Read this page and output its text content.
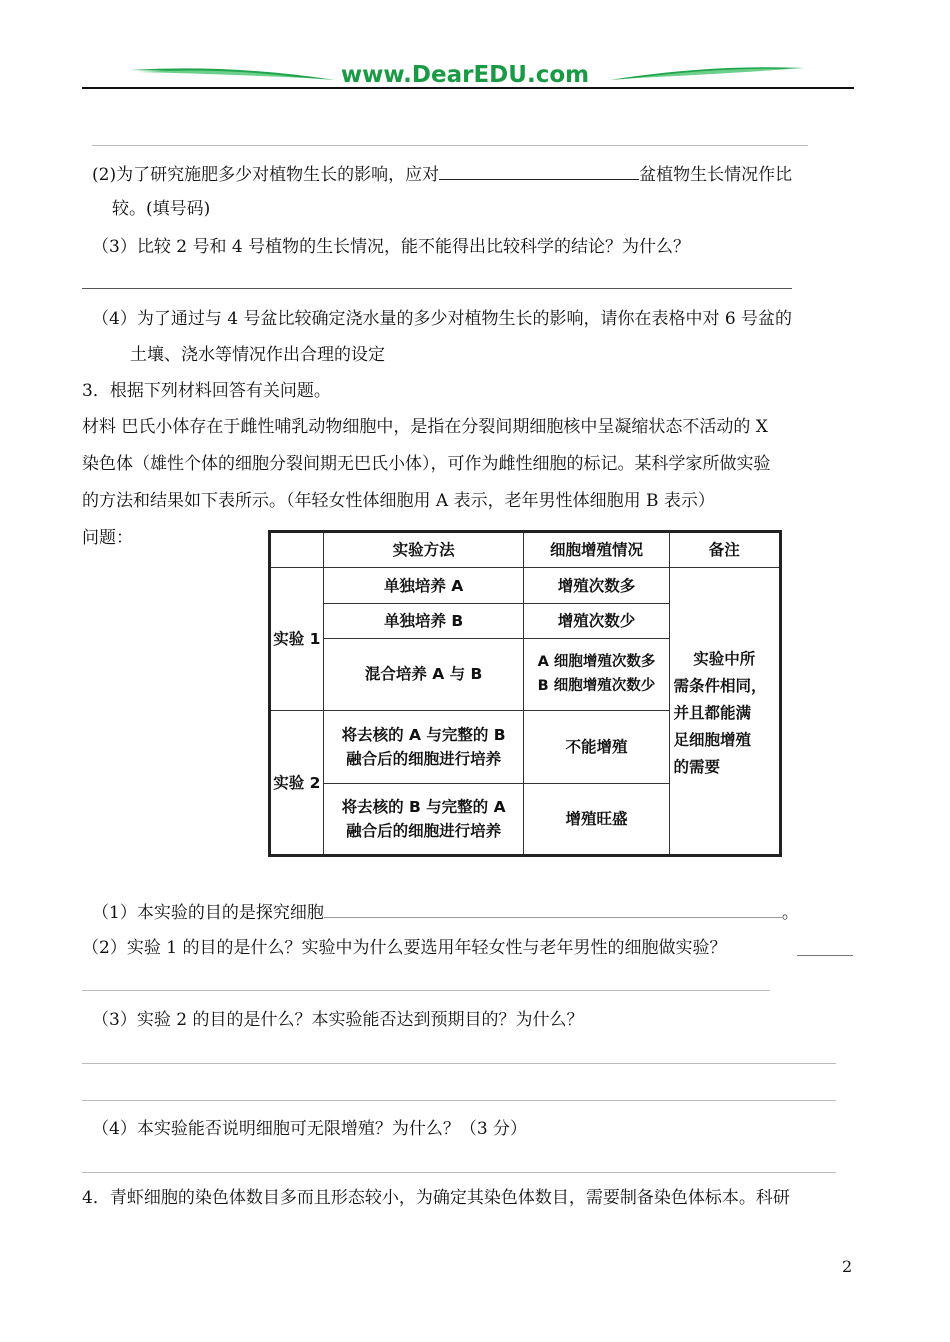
www.DearEDU.com
(2)为了研究施肥多少对植物生长的影响，应对	盆植物生长情况作比
较。(填号码)
（3）比较 2 号和 4 号植物的生长情况，能不能得出比较科学的结论？为什么？
（4）为了通过与 4 号盆比较确定浇水量的多少对植物生长的影响，请你在表格中对 6 号盆的
土壤、浇水等情况作出合理的设定
3．根据下列材料回答有关问题。
材料 巴氏小体存在于雌性哺乳动物细胞中，是指在分裂间期细胞核中呈凝缩状态不活动的 X
染色体（雄性个体的细胞分裂间期无巴氏小体），可作为雌性细胞的标记。某科学家所做实验
的方法和结果如下表所示。（年轻女性体细胞用 A 表示，老年男性体细胞用 B 表示）
问题：
	实验方法	细胞增殖情况	备注
实验 1	单独培养 A	增殖次数多	实验中所
需条件相同，
并且都能满
足细胞增殖
的需要

	单独培养 B	增殖次数少	
	混合培养 A 与 B	A 细胞增殖次数多
B 细胞增殖次数少	

实验 2	将去核的 A 与完整的 B
融合后的细胞进行培养	不能增殖	

	将去核的 B 与完整的 A
融合后的细胞进行培养	增殖旺盛	
（1）本实验的目的是探究细胞	。
（2）实验 1 的目的是什么？实验中为什么要选用年轻女性与老年男性的细胞做实验？
（3）实验 2 的目的是什么？本实验能否达到预期目的？为什么？
（4）本实验能否说明细胞可无限增殖？为什么？（3 分）
4．青虾细胞的染色体数目多而且形态较小，为确定其染色体数目，需要制备染色体标本。科研
2
